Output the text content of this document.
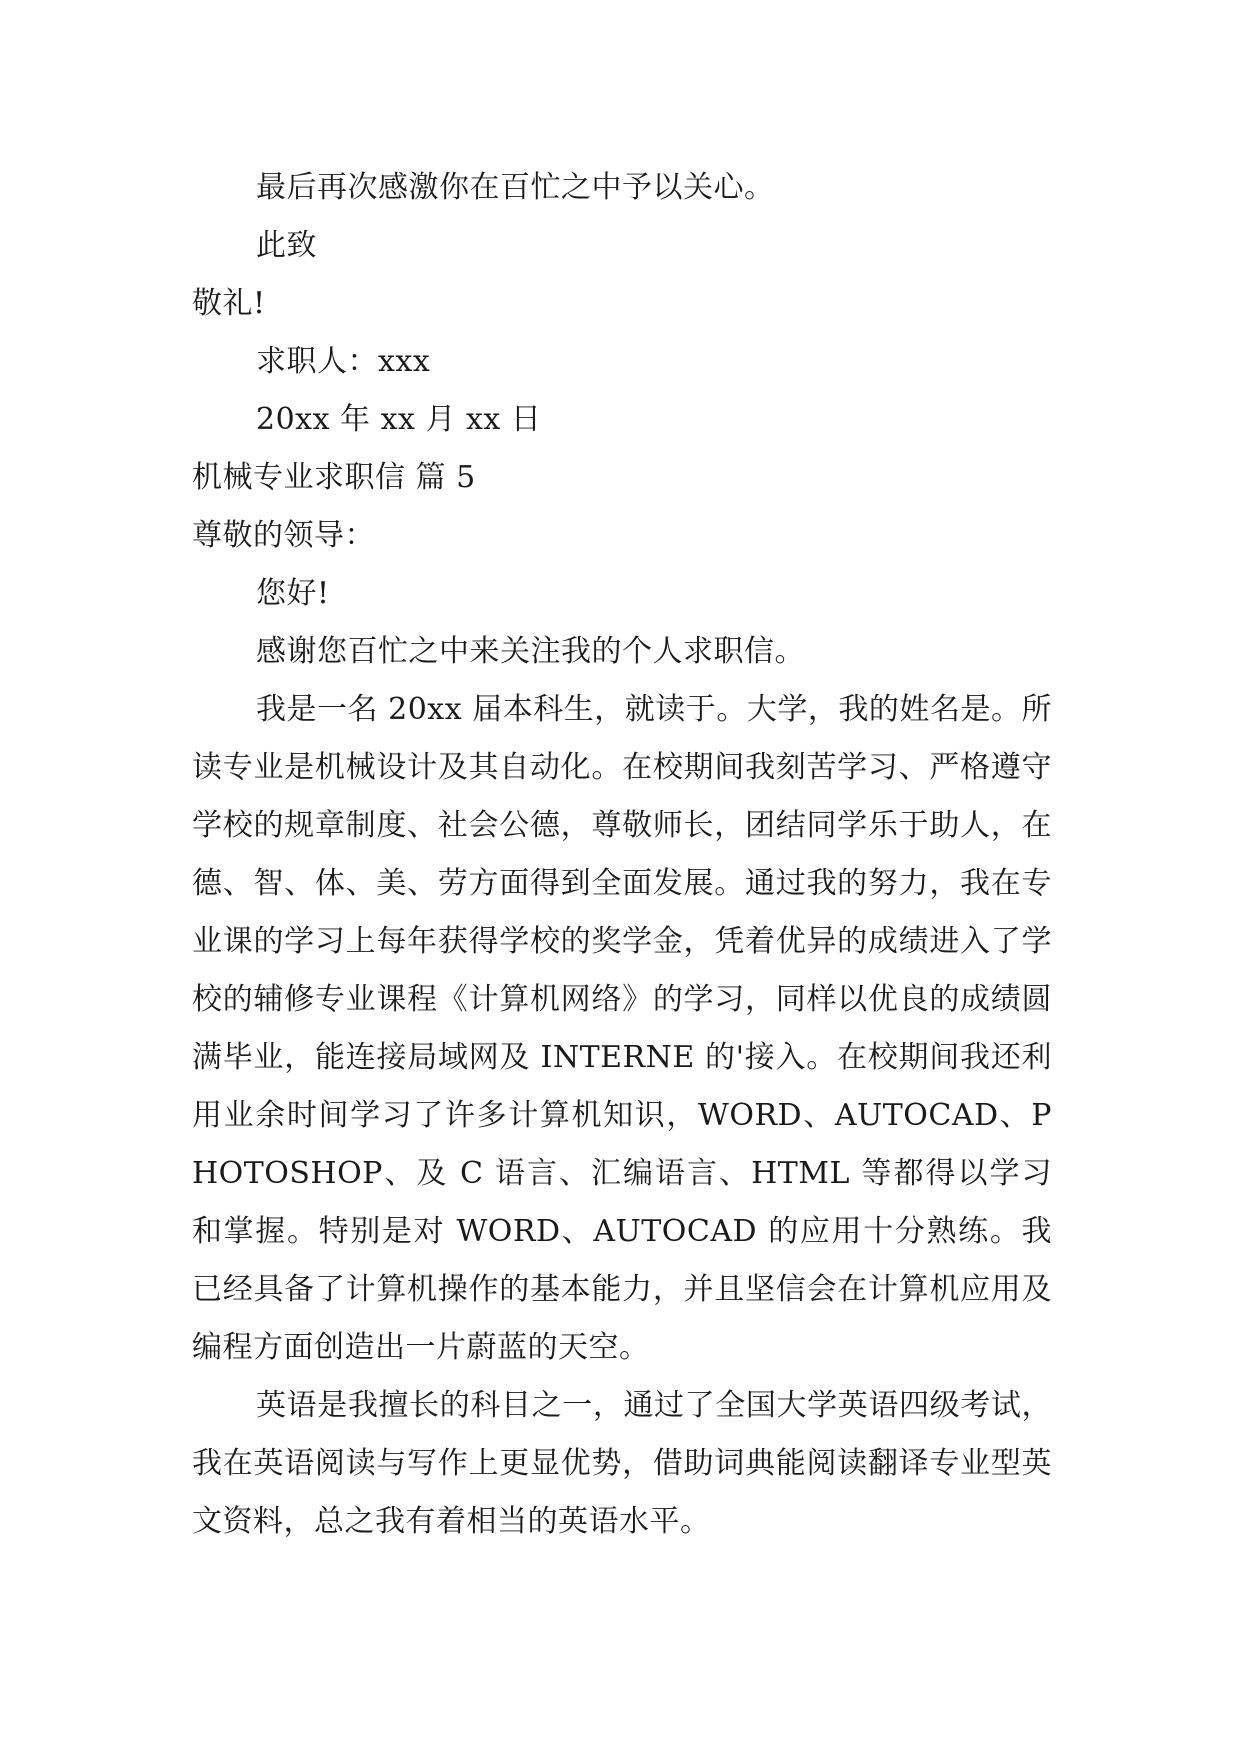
最后再次感激你在百忙之中予以关心。
此致
敬礼!
求职人：xxx
20xx 年 xx 月 xx 日
机械专业求职信 篇 5
尊敬的领导：
您好!
感谢您百忙之中来关注我的个人求职信。
我是一名 20xx 届本科生，就读于。大学，我的姓名是。所读专业是机械设计及其自动化。在校期间我刻苦学习、严格遵守学校的规章制度、社会公德，尊敬师长，团结同学乐于助人，在德、智、体、美、劳方面得到全面发展。通过我的努力，我在专业课的学习上每年获得学校的奖学金，凭着优异的成绩进入了学校的辅修专业课程《计算机网络》的学习，同样以优良的成绩圆满毕业，能连接局域网及 INTERNE 的'接入。在校期间我还利用业余时间学习了许多计算机知识，WORD、AUTOCAD、PHOTOSHOP、及 C 语言、汇编语言、HTML 等都得以学习和掌握。特别是对 WORD、AUTOCAD 的应用十分熟练。我已经具备了计算机操作的基本能力，并且坚信会在计算机应用及编程方面创造出一片蔚蓝的天空。
英语是我擅长的科目之一，通过了全国大学英语四级考试，我在英语阅读与写作上更显优势，借助词典能阅读翻译专业型英文资料，总之我有着相当的英语水平。
